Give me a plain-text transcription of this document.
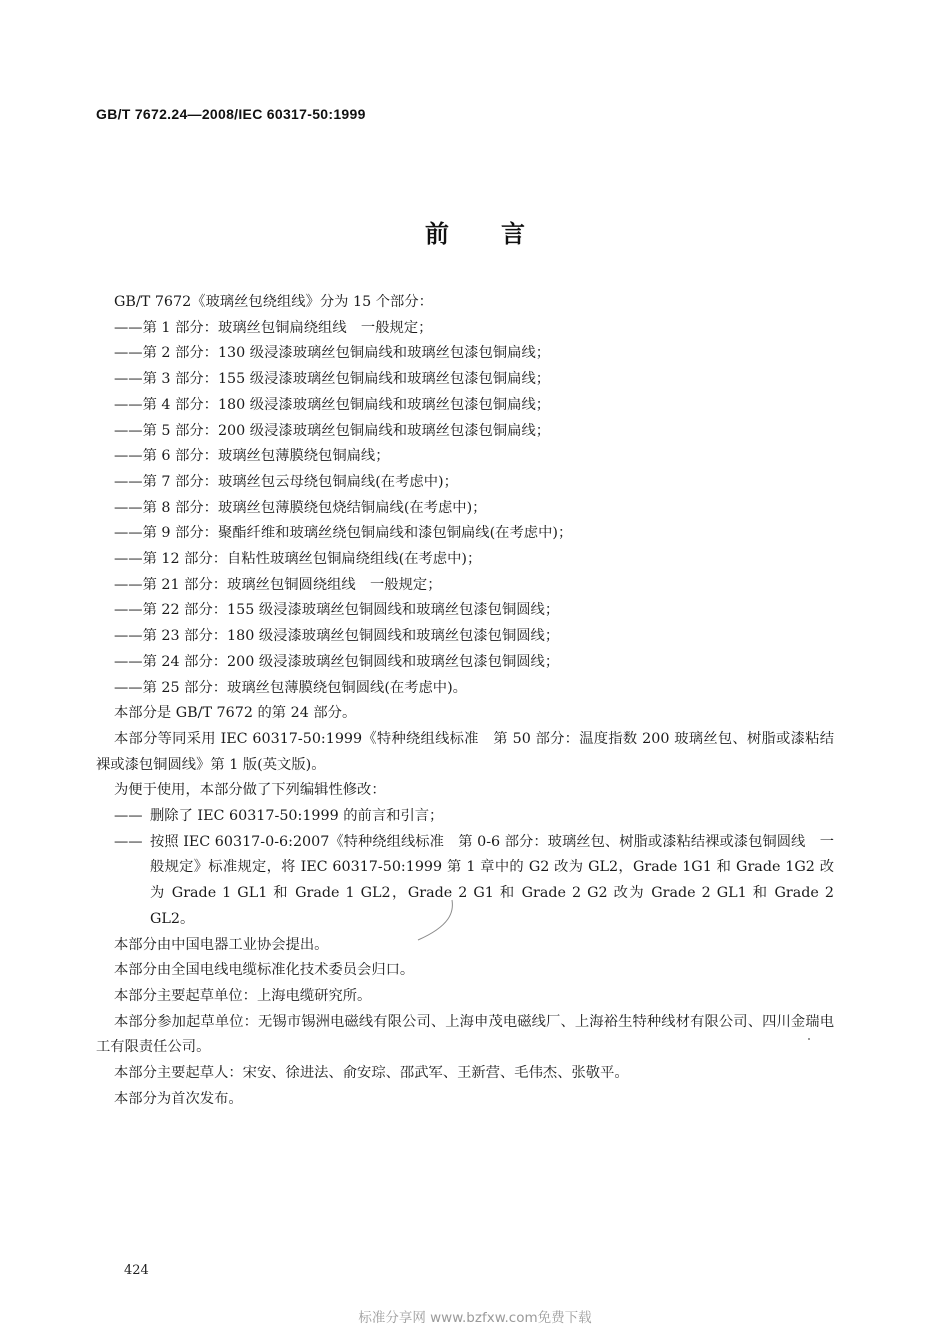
GB/T 7672.24—2008/IEC 60317-50:1999
前言
GB/T 7672《玻璃丝包绕组线》分为 15 个部分：
——第 1 部分：玻璃丝包铜扁绕组线　一般规定；
——第 2 部分：130 级浸漆玻璃丝包铜扁线和玻璃丝包漆包铜扁线；
——第 3 部分：155 级浸漆玻璃丝包铜扁线和玻璃丝包漆包铜扁线；
——第 4 部分：180 级浸漆玻璃丝包铜扁线和玻璃丝包漆包铜扁线；
——第 5 部分：200 级浸漆玻璃丝包铜扁线和玻璃丝包漆包铜扁线；
——第 6 部分：玻璃丝包薄膜绕包铜扁线；
——第 7 部分：玻璃丝包云母绕包铜扁线(在考虑中)；
——第 8 部分：玻璃丝包薄膜绕包烧结铜扁线(在考虑中)；
——第 9 部分：聚酯纤维和玻璃丝绕包铜扁线和漆包铜扁线(在考虑中)；
——第 12 部分：自粘性玻璃丝包铜扁绕组线(在考虑中)；
——第 21 部分：玻璃丝包铜圆绕组线　一般规定；
——第 22 部分：155 级浸漆玻璃丝包铜圆线和玻璃丝包漆包铜圆线；
——第 23 部分：180 级浸漆玻璃丝包铜圆线和玻璃丝包漆包铜圆线；
——第 24 部分：200 级浸漆玻璃丝包铜圆线和玻璃丝包漆包铜圆线；
——第 25 部分：玻璃丝包薄膜绕包铜圆线(在考虑中)。
本部分是 GB/T 7672 的第 24 部分。
本部分等同采用 IEC 60317-50:1999《特种绕组线标准　第 50 部分：温度指数 200 玻璃丝包、树脂或漆粘结裸或漆包铜圆线》第 1 版(英文版)。
为便于使用，本部分做了下列编辑性修改：
—— 删除了 IEC 60317-50:1999 的前言和引言；
—— 按照 IEC 60317-0-6:2007《特种绕组线标准　第 0-6 部分：玻璃丝包、树脂或漆粘结裸或漆包铜圆线　一般规定》标准规定，将 IEC 60317-50:1999 第 1 章中的 G2 改为 GL2，Grade 1G1 和 Grade 1G2 改为 Grade 1 GL1 和 Grade 1 GL2，Grade 2 G1 和 Grade 2 G2 改为 Grade 2 GL1 和 Grade 2 GL2。
本部分由中国电器工业协会提出。
本部分由全国电线电缆标准化技术委员会归口。
本部分主要起草单位：上海电缆研究所。
本部分参加起草单位：无锡市锡洲电磁线有限公司、上海申茂电磁线厂、上海裕生特种线材有限公司、四川金瑞电工有限责任公司。
本部分主要起草人：宋安、徐进法、俞安琮、邵武军、王新营、毛伟杰、张敬平。
本部分为首次发布。
424
标准分享网 www.bzfxw.com免费下载
